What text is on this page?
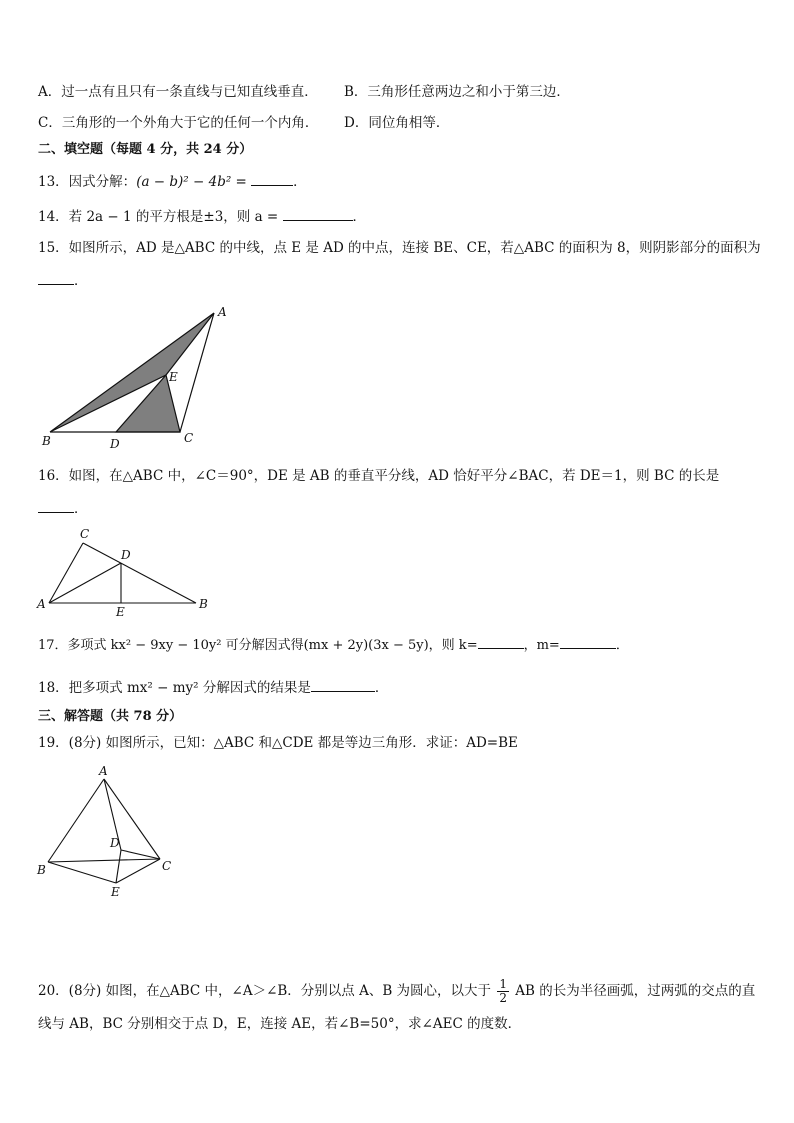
A．过一点有且只有一条直线与已知直线垂直． B．三角形任意两边之和小于第三边．
C．三角形的一个外角大于它的任何一个内角． D．同位角相等．
二、填空题（每题 4 分，共 24 分）
13．因式分解：(a − b)² − 4b² =	．
14．若 2a − 1 的平方根是±3，则 a =	．
15．如图所示，AD 是△ABC 的中线，点 E 是 AD 的中点，连接 BE、CE，若△ABC 的面积为 8，则阴影部分的面积为
．
A
E
B	D	C
C
D
A
E
B
A
D
B	C
E
16．如图，在△ABC 中，∠C＝90°，DE 是 AB 的垂直平分线，AD 恰好平分∠BAC，若 DE＝1，则 BC 的长是
．
17．多项式 kx² − 9xy − 10y² 可分解因式得(mx + 2y)(3x − 5y)，则 k=	，m=	．
18．把多项式 mx² − my² 分解因式的结果是	．
三、解答题（共 78 分）
19．(8分) 如图所示，已知：△ABC 和△CDE 都是等边三角形．求证：AD=BE
20．(8分) 如图，在△ABC 中，∠A＞∠B．分别以点 A、B 为圆心，以大于 $\frac{1}{2}$ AB 的长为半径画弧，过两弧的交点的直
线与 AB，BC 分别相交于点 D，E，连接 AE，若∠B=50°，求∠AEC 的度数．
